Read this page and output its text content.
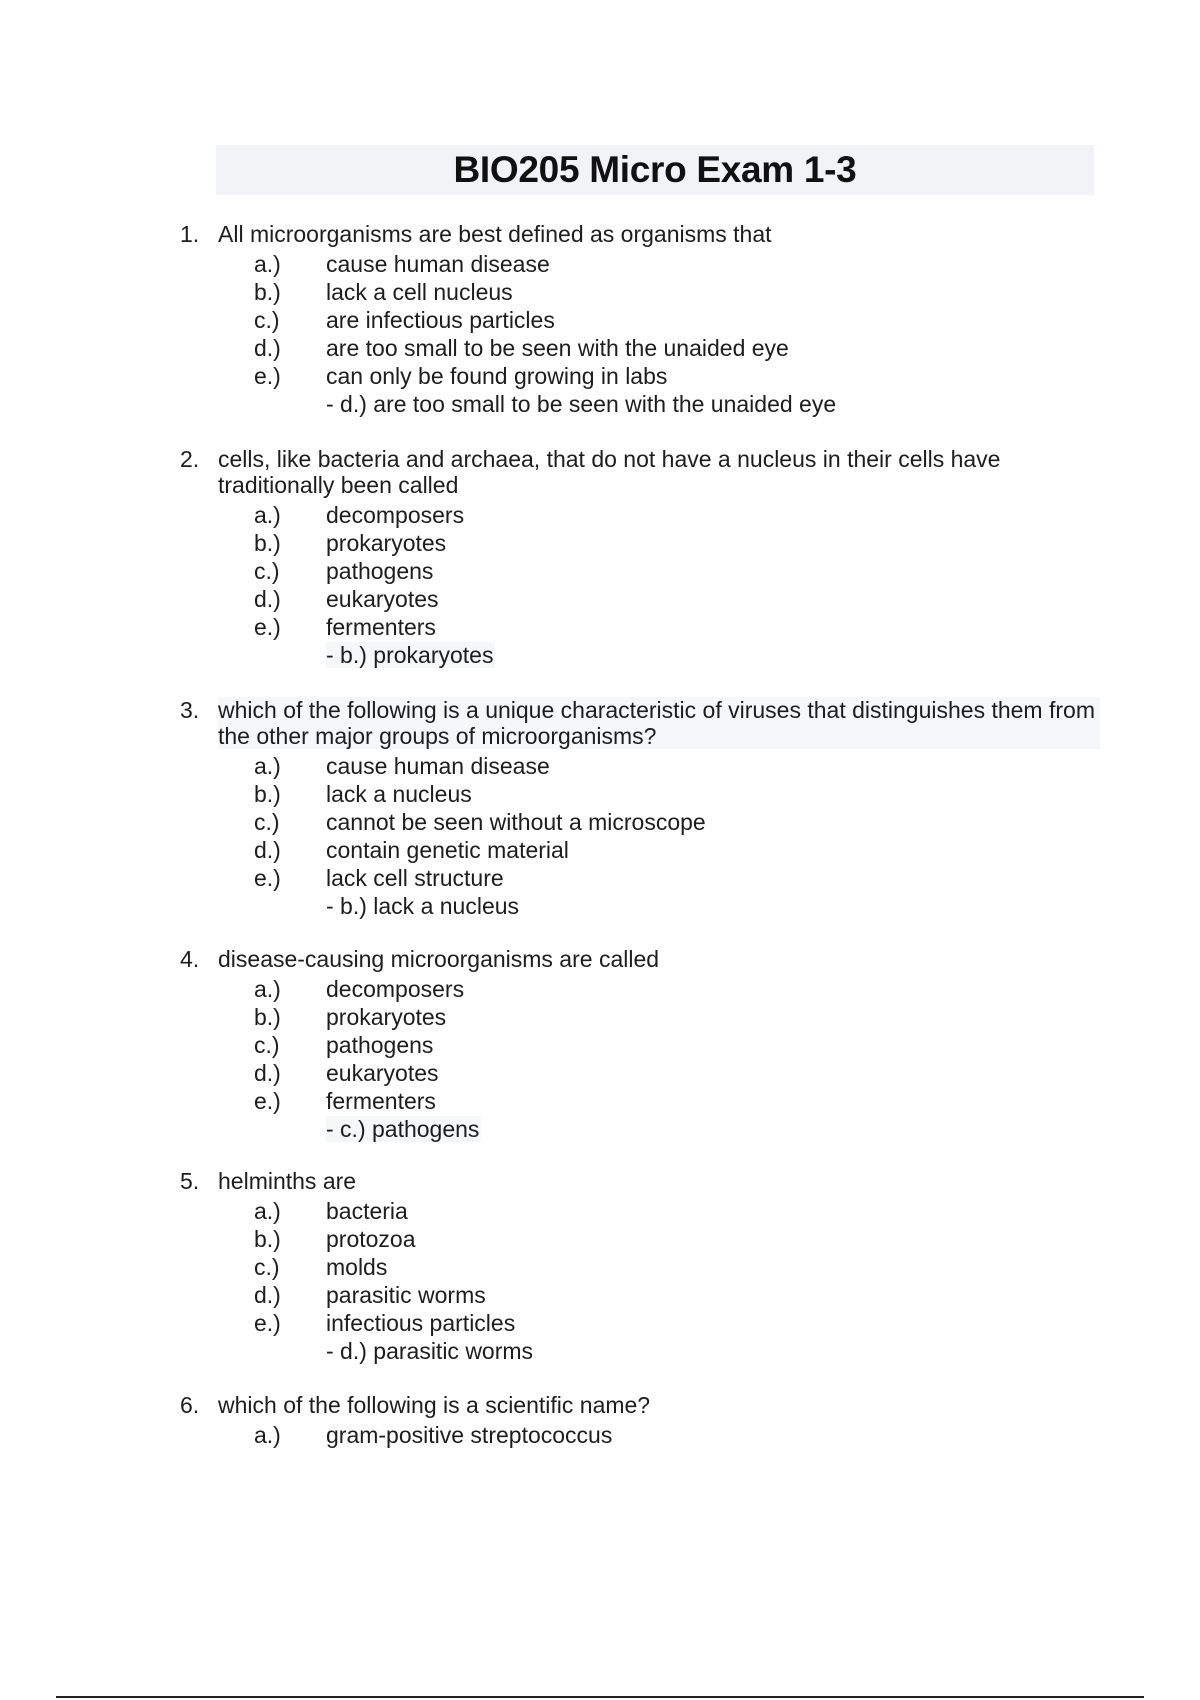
BIO205 Micro Exam 1-3
1. All microorganisms are best defined as organisms that
a.)	cause human disease
b.)	lack a cell nucleus
c.)	are infectious particles
d.)	are too small to be seen with the unaided eye
e.)	can only be found growing in labs
- d.) are too small to be seen with the unaided eye
2. cells, like bacteria and archaea, that do not have a nucleus in their cells have traditionally been called
a.)	decomposers
b.)	prokaryotes
c.)	pathogens
d.)	eukaryotes
e.)	fermenters
- b.) prokaryotes
3. which of the following is a unique characteristic of viruses that distinguishes them from the other major groups of microorganisms?
a.)	cause human disease
b.)	lack a nucleus
c.)	cannot be seen without a microscope
d.)	contain genetic material
e.)	lack cell structure
- b.) lack a nucleus
4. disease-causing microorganisms are called
a.)	decomposers
b.)	prokaryotes
c.)	pathogens
d.)	eukaryotes
e.)	fermenters
- c.) pathogens
5. helminths are
a.)	bacteria
b.)	protozoa
c.)	molds
d.)	parasitic worms
e.)	infectious particles
- d.) parasitic worms
6. which of the following is a scientific name?
a.)	gram-positive streptococcus
